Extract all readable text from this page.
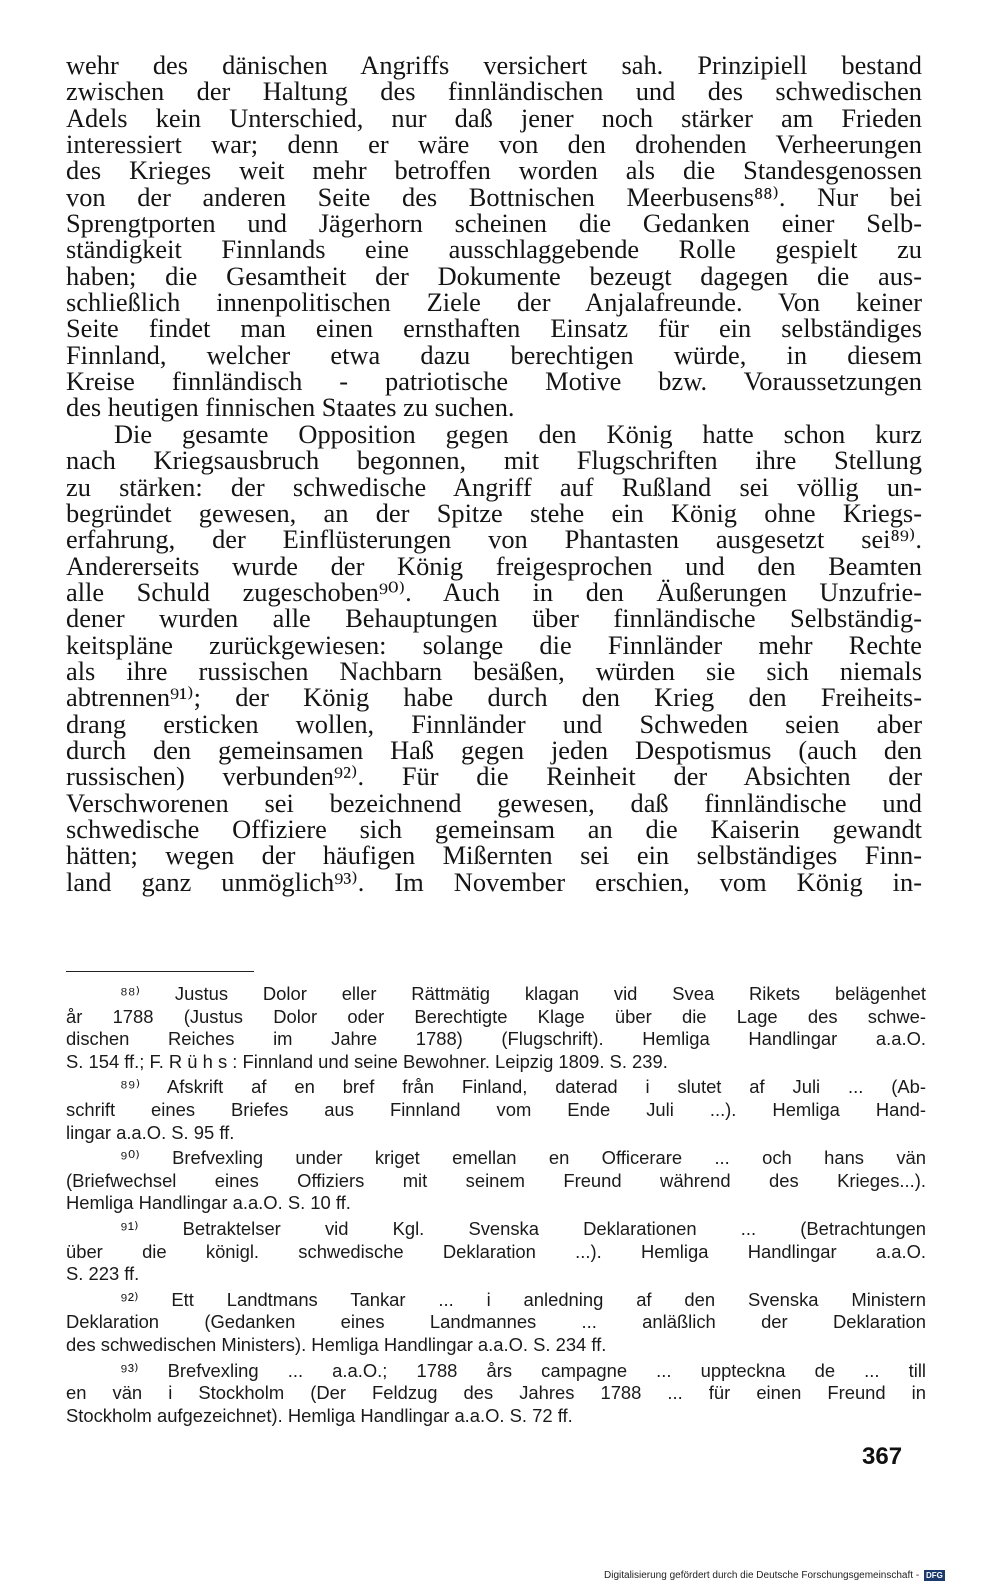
wehr des dänischen Angriffs versichert sah. Prinzipiell bestand
zwischen der Haltung des finnländischen und des schwedischen
Adels kein Unterschied, nur daß jener noch stärker am Frieden
interessiert war; denn er wäre von den drohenden Verheerungen
des Krieges weit mehr betroffen worden als die Standesgenossen
von der anderen Seite des Bottnischen Meerbusens⁸⁸⁾. Nur bei
Sprengtporten und Jägerhorn scheinen die Gedanken einer Selb-
ständigkeit Finnlands eine ausschlaggebende Rolle gespielt zu
haben; die Gesamtheit der Dokumente bezeugt dagegen die aus-
schließlich innenpolitischen Ziele der Anjalafreunde. Von keiner
Seite findet man einen ernsthaften Einsatz für ein selbständiges
Finnland, welcher etwa dazu berechtigen würde, in diesem
Kreise finnländisch - patriotische Motive bzw. Voraussetzungen
des heutigen finnischen Staates zu suchen.
Die gesamte Opposition gegen den König hatte schon kurz
nach Kriegsausbruch begonnen, mit Flugschriften ihre Stellung
zu stärken: der schwedische Angriff auf Rußland sei völlig un-
begründet gewesen, an der Spitze stehe ein König ohne Kriegs-
erfahrung, der Einflüsterungen von Phantasten ausgesetzt sei⁸⁹⁾.
Andererseits wurde der König freigesprochen und den Beamten
alle Schuld zugeschoben⁹⁰⁾. Auch in den Äußerungen Unzufrie-
dener wurden alle Behauptungen über finnländische Selbständig-
keitspläne zurückgewiesen: solange die Finnländer mehr Rechte
als ihre russischen Nachbarn besäßen, würden sie sich niemals
abtrennen⁹¹⁾; der König habe durch den Krieg den Freiheits-
drang ersticken wollen, Finnländer und Schweden seien aber
durch den gemeinsamen Haß gegen jeden Despotismus (auch den
russischen) verbunden⁹²⁾. Für die Reinheit der Absichten der
Verschworenen sei bezeichnend gewesen, daß finnländische und
schwedische Offiziere sich gemeinsam an die Kaiserin gewandt
hätten; wegen der häufigen Mißernten sei ein selbständiges Finn-
land ganz unmöglich⁹³⁾. Im November erschien, vom König in-
⁸⁸⁾ Justus Dolor eller Rättmätig klagan vid Svea Rikets belägenhet
år 1788 (Justus Dolor oder Berechtigte Klage über die Lage des schwe-
dischen Reiches im Jahre 1788) (Flugschrift). Hemliga Handlingar a.a.O.
S. 154 ff.; F. R ü h s : Finnland und seine Bewohner. Leipzig 1809. S. 239.
⁸⁹⁾ Afskrift af en bref från Finland, daterad i slutet af Juli ... (Ab-
schrift eines Briefes aus Finnland vom Ende Juli ...). Hemliga Hand-
lingar a.a.O. S. 95 ff.
⁹⁰⁾ Brefvexling under kriget emellan en Officerare ... och hans vän
(Briefwechsel eines Offiziers mit seinem Freund während des Krieges...).
Hemliga Handlingar a.a.O. S. 10 ff.
⁹¹⁾ Betraktelser vid Kgl. Svenska Deklarationen ... (Betrachtungen
über die königl. schwedische Deklaration ...). Hemliga Handlingar a.a.O.
S. 223 ff.
⁹²⁾ Ett Landtmans Tankar ... i anledning af den Svenska Ministern
Deklaration (Gedanken eines Landmannes ... anläßlich der Deklaration
des schwedischen Ministers). Hemliga Handlingar a.a.O. S. 234 ff.
⁹³⁾ Brefvexling ... a.a.O.; 1788 års campagne ... uppteckna de ... till
en vän i Stockholm (Der Feldzug des Jahres 1788 ... für einen Freund in
Stockholm aufgezeichnet). Hemliga Handlingar a.a.O. S. 72 ff.
367
Digitalisierung gefördert durch die Deutsche Forschungsgemeinschaft - DFG
